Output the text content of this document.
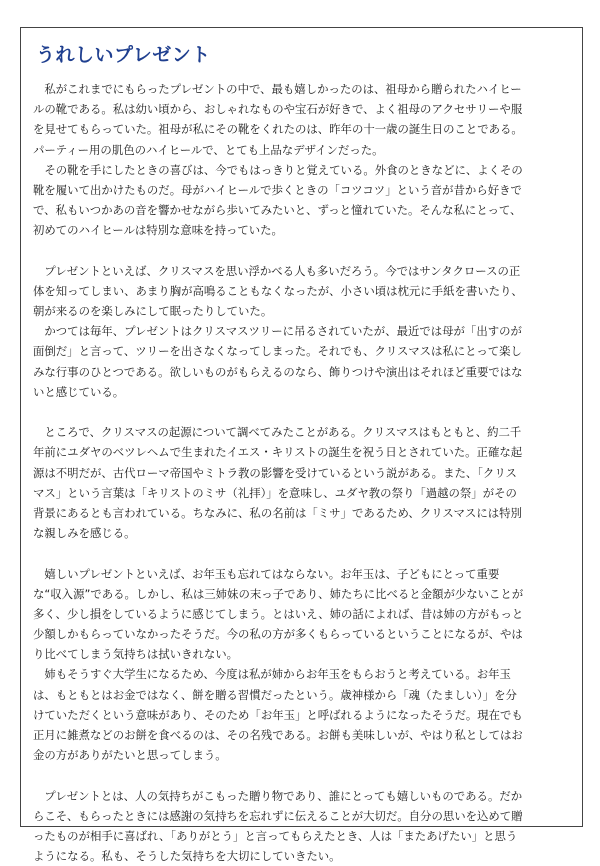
うれしいプレゼント
　私がこれまでにもらったプレゼントの中で、最も嬉しかったのは、祖母から贈られたハイヒー
ルの靴である。私は幼い頃から、おしゃれなものや宝石が好きで、よく祖母のアクセサリーや服
を見せてもらっていた。祖母が私にその靴をくれたのは、昨年の十一歳の誕生日のことである。
パーティー用の肌色のハイヒールで、とても上品なデザインだった。
　その靴を手にしたときの喜びは、今でもはっきりと覚えている。外食のときなどに、よくその
靴を履いて出かけたものだ。母がハイヒールで歩くときの「コツコツ」という音が昔から好きで
で、私もいつかあの音を響かせながら歩いてみたいと、ずっと憧れていた。そんな私にとって、
初めてのハイヒールは特別な意味を持っていた。
　プレゼントといえば、クリスマスを思い浮かべる人も多いだろう。今ではサンタクロースの正
体を知ってしまい、あまり胸が高鳴ることもなくなったが、小さい頃は枕元に手紙を書いたり、
朝が来るのを楽しみにして眠ったりしていた。
　かつては毎年、プレゼントはクリスマスツリーに吊るされていたが、最近では母が「出すのが
面倒だ」と言って、ツリーを出さなくなってしまった。それでも、クリスマスは私にとって楽し
みな行事のひとつである。欲しいものがもらえるのなら、飾りつけや演出はそれほど重要ではな
いと感じている。
　ところで、クリスマスの起源について調べてみたことがある。クリスマスはもともと、約二千
年前にユダヤのベツレヘムで生まれたイエス・キリストの誕生を祝う日とされていた。正確な起
源は不明だが、古代ローマ帝国やミトラ教の影響を受けているという説がある。また、「クリス
マス」という言葉は「キリストのミサ（礼拝）」を意味し、ユダヤ教の祭り「過越の祭」がその
背景にあるとも言われている。ちなみに、私の名前は「ミサ」であるため、クリスマスには特別
な親しみを感じる。
　嬉しいプレゼントといえば、お年玉も忘れてはならない。お年玉は、子どもにとって重要
な“収入源”である。しかし、私は三姉妹の末っ子であり、姉たちに比べると金額が少ないことが
多く、少し損をしているように感じてしまう。とはいえ、姉の話によれば、昔は姉の方がもっと
少額しかもらっていなかったそうだ。今の私の方が多くもらっているということになるが、やは
り比べてしまう気持ちは拭いきれない。
　姉もそうすぐ大学生になるため、今度は私が姉からお年玉をもらおうと考えている。お年玉
は、もともとはお金ではなく、餅を贈る習慣だったという。歳神様から「魂（たましい）」を分
けていただくという意味があり、そのため「お年玉」と呼ばれるようになったそうだ。現在でも
正月に雑煮などのお餅を食べるのは、その名残である。お餅も美味しいが、やはり私としてはお
金の方がありがたいと思ってしまう。
　プレゼントとは、人の気持ちがこもった贈り物であり、誰にとっても嬉しいものである。だか
らこそ、もらったときには感謝の気持ちを忘れずに伝えることが大切だ。自分の思いを込めて贈
ったものが相手に喜ばれ、「ありがとう」と言ってもらえたとき、人は「またあげたい」と思う
ようになる。私も、そうした気持ちを大切にしていきたい。
